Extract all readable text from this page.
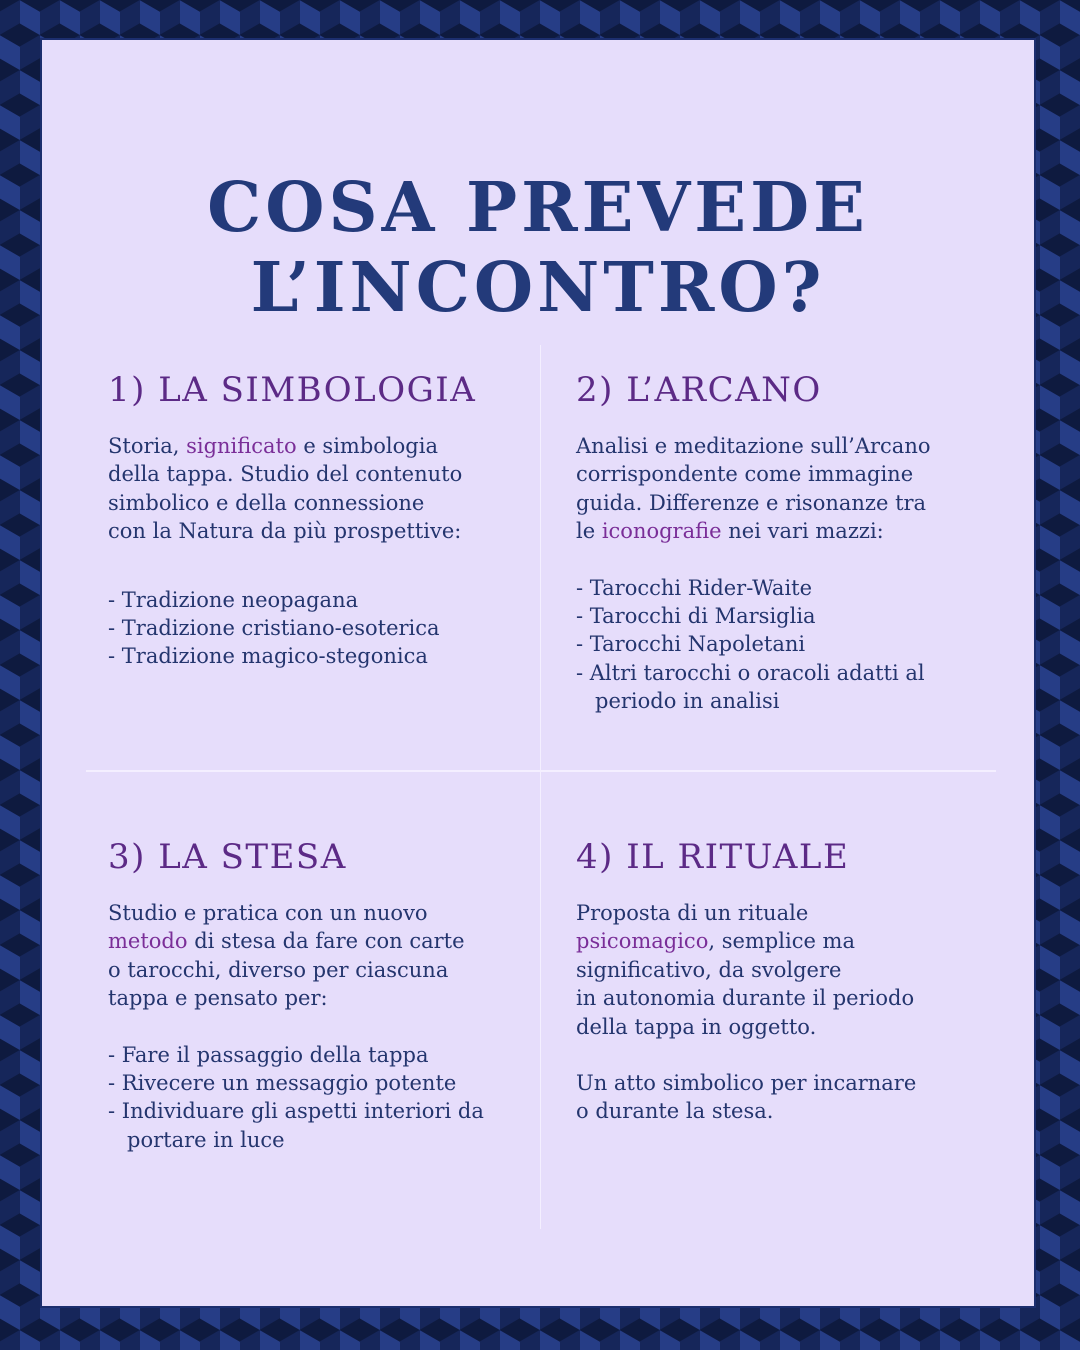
COSA PREVEDE
L’INCONTRO?
1) LA SIMBOLOGIA

Storia, significato e simbologia
della tappa. Studio del contenuto
simbolico e della connessione
con la Natura da più prospettive:

- Tradizione neopagana
- Tradizione cristiano-esoterica
- Tradizione magico-stegonica
2) L’ARCANO

Analisi e meditazione sull’Arcano
corrispondente come immagine
guida. Differenze e risonanze tra
le iconografie nei vari mazzi:

- Tarocchi Rider-Waite
- Tarocchi di Marsiglia
- Tarocchi Napoletani
- Altri tarocchi o oracoli adatti al periodo in analisi
3) LA STESA

Studio e pratica con un nuovo
metodo di stesa da fare con carte
o tarocchi, diverso per ciascuna
tappa e pensato per:

- Fare il passaggio della tappa
- Rivecere un messaggio potente
- Individuare gli aspetti interiori da portare in luce
4) IL RITUALE

Proposta di un rituale
psicomagico, semplice ma
significativo, da svolgere
in autonomia durante il periodo
della tappa in oggetto.

Un atto simbolico per incarnare
o durante la stesa.
